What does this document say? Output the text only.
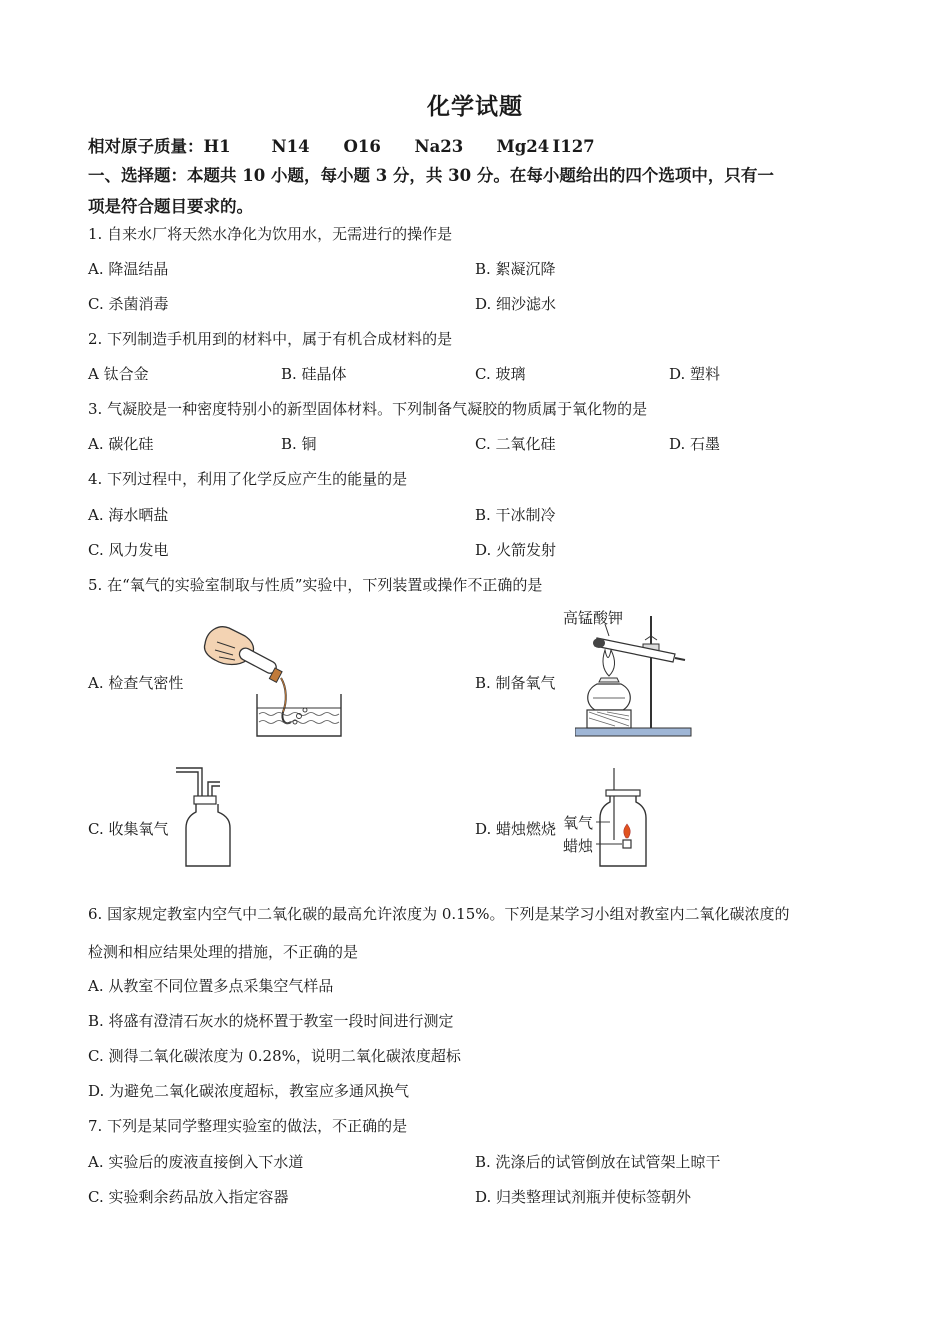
化学试题
相对原子质量：H1 N14 O16 Na23 Mg24 I127
一、选择题：本题共 10 小题，每小题 3 分，共 30 分。在每小题给出的四个选项中，只有一
项是符合题目要求的。
1. 自来水厂将天然水净化为饮用水，无需进行的操作是
A. 降温结晶	B. 絮凝沉降
C. 杀菌消毒	D. 细沙滤水
2. 下列制造手机用到的材料中，属于有机合成材料的是
A 钛合金	B. 硅晶体	C. 玻璃	D. 塑料
3. 气凝胶是一种密度特别小的新型固体材料。下列制备气凝胶的物质属于氧化物的是
A. 碳化硅	B. 铜	C. 二氧化硅	D. 石墨
4. 下列过程中，利用了化学反应产生的能量的是
A. 海水晒盐	B. 干冰制冷
C. 风力发电	D. 火箭发射
5. 在“氧气的实验室制取与性质”实验中，下列装置或操作不正确的是
A. 检查气密性	B. 制备氧气
C. 收集氧气	D. 蜡烛燃烧
高锰酸钾
氧气
蜡烛
6. 国家规定教室内空气中二氧化碳的最高允许浓度为 0.15%。下列是某学习小组对教室内二氧化碳浓度的
检测和相应结果处理的措施，不正确的是
A. 从教室不同位置多点采集空气样品
B. 将盛有澄清石灰水的烧杯置于教室一段时间进行测定
C. 测得二氧化碳浓度为 0.28%，说明二氧化碳浓度超标
D. 为避免二氧化碳浓度超标，教室应多通风换气
7. 下列是某同学整理实验室的做法，不正确的是
A. 实验后的废液直接倒入下水道	B. 洗涤后的试管倒放在试管架上晾干
C. 实验剩余药品放入指定容器	D. 归类整理试剂瓶并使标签朝外
